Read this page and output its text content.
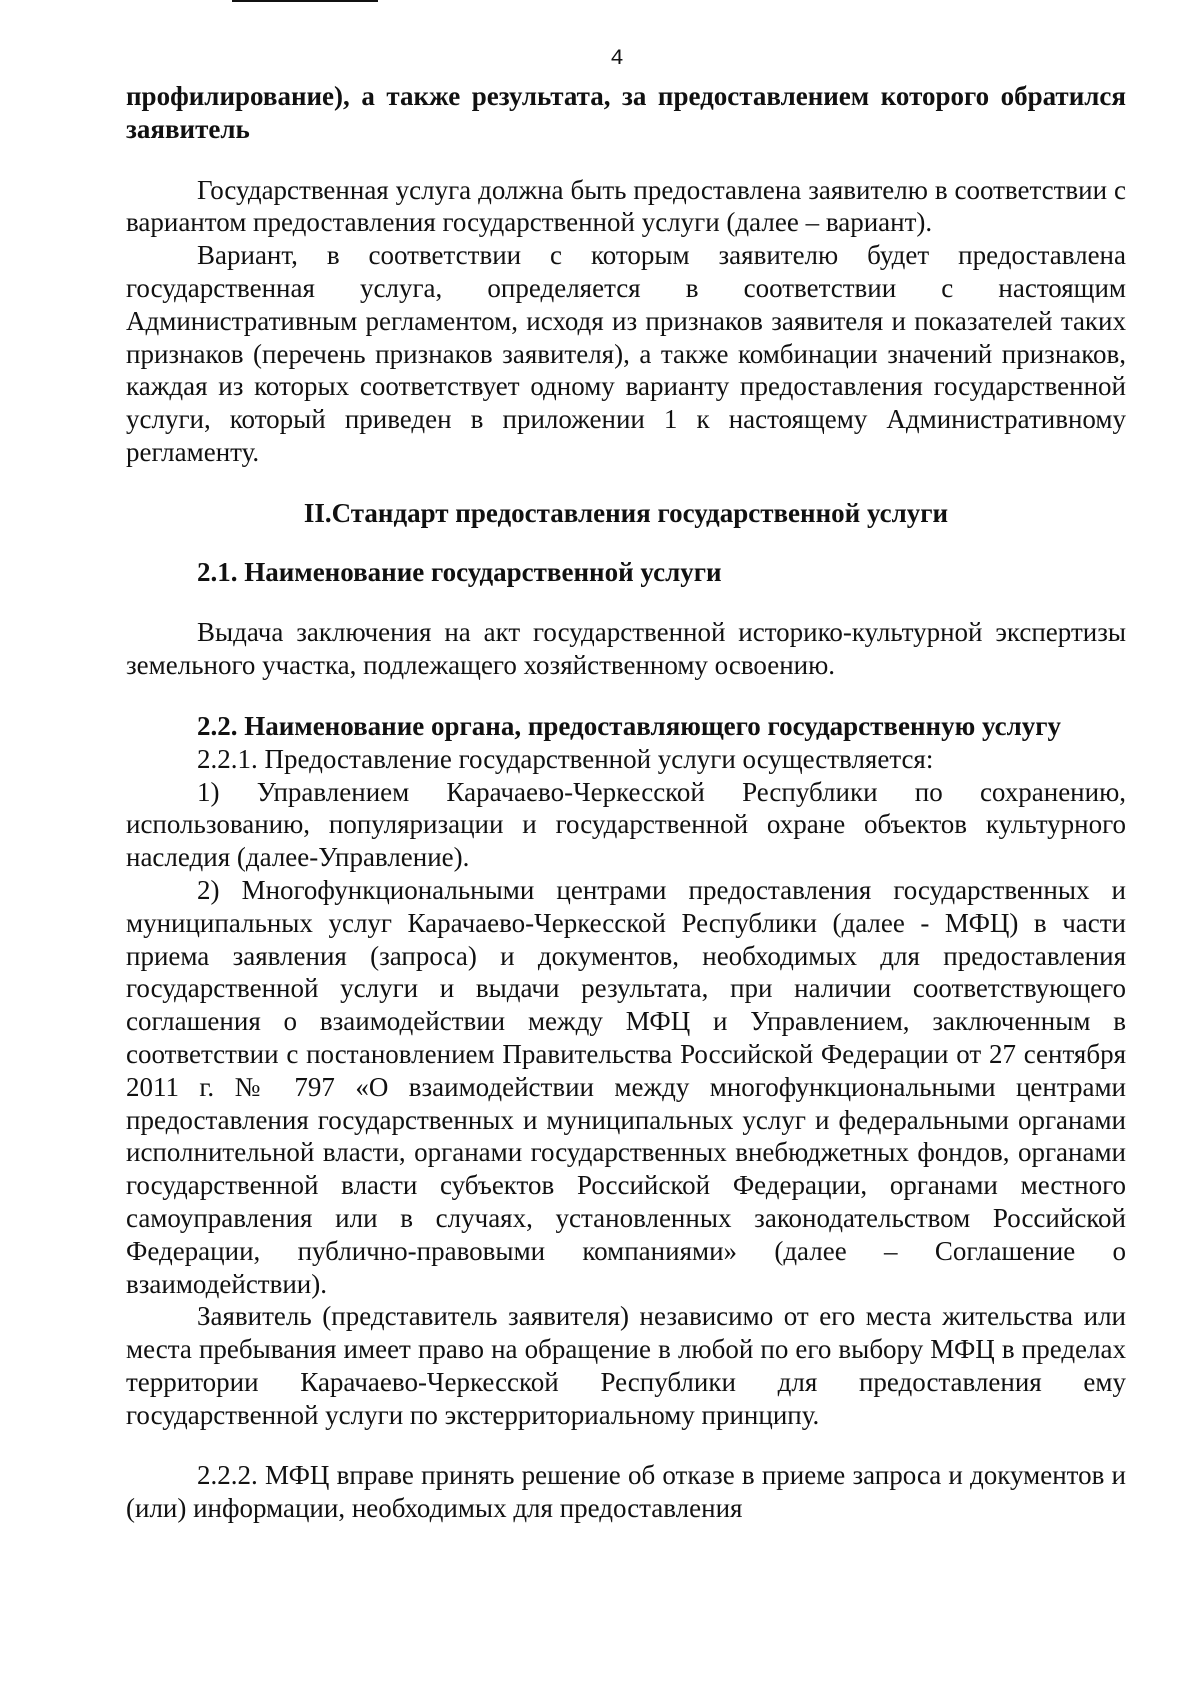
4

профилирование), а также результата, за предоставлением которого обратился заявитель

Государственная услуга должна быть предоставлена заявителю в соответствии с вариантом предоставления государственной услуги (далее – вариант).

Вариант, в соответствии с которым заявителю будет предоставлена государственная услуга, определяется в соответствии с настоящим Административным регламентом, исходя из признаков заявителя и показателей таких признаков (перечень признаков заявителя), а также комбинации значений признаков, каждая из которых соответствует одному варианту предоставления государственной услуги, который приведен в приложении 1 к настоящему Административному регламенту.

II.Стандарт предоставления государственной услуги

2.1. Наименование государственной услуги

Выдача заключения на акт государственной историко-культурной экспертизы земельного участка, подлежащего хозяйственному освоению.

2.2. Наименование органа, предоставляющего государственную услугу

2.2.1. Предоставление государственной услуги осуществляется:

1) Управлением Карачаево-Черкесской Республики по сохранению, использованию, популяризации и государственной охране объектов культурного наследия (далее-Управление).

2) Многофункциональными центрами предоставления государственных и муниципальных услуг Карачаево-Черкесской Республики (далее - МФЦ) в части приема заявления (запроса) и документов, необходимых для предоставления государственной услуги и выдачи результата, при наличии соответствующего соглашения о взаимодействии между МФЦ и Управлением, заключенным в соответствии с постановлением Правительства Российской Федерации от 27 сентября 2011 г. № 797 «О взаимодействии между многофункциональными центрами предоставления государственных и муниципальных услуг и федеральными органами исполнительной власти, органами государственных внебюджетных фондов, органами государственной власти субъектов Российской Федерации, органами местного самоуправления или в случаях, установленных законодательством Российской Федерации, публично-правовыми компаниями» (далее – Соглашение о взаимодействии).

Заявитель (представитель заявителя) независимо от его места жительства или места пребывания имеет право на обращение в любой по его выбору МФЦ в пределах территории Карачаево-Черкесской Республики для предоставления ему государственной услуги по экстерриториальному принципу.

2.2.2. МФЦ вправе принять решение об отказе в приеме запроса и документов и (или) информации, необходимых для предоставления
